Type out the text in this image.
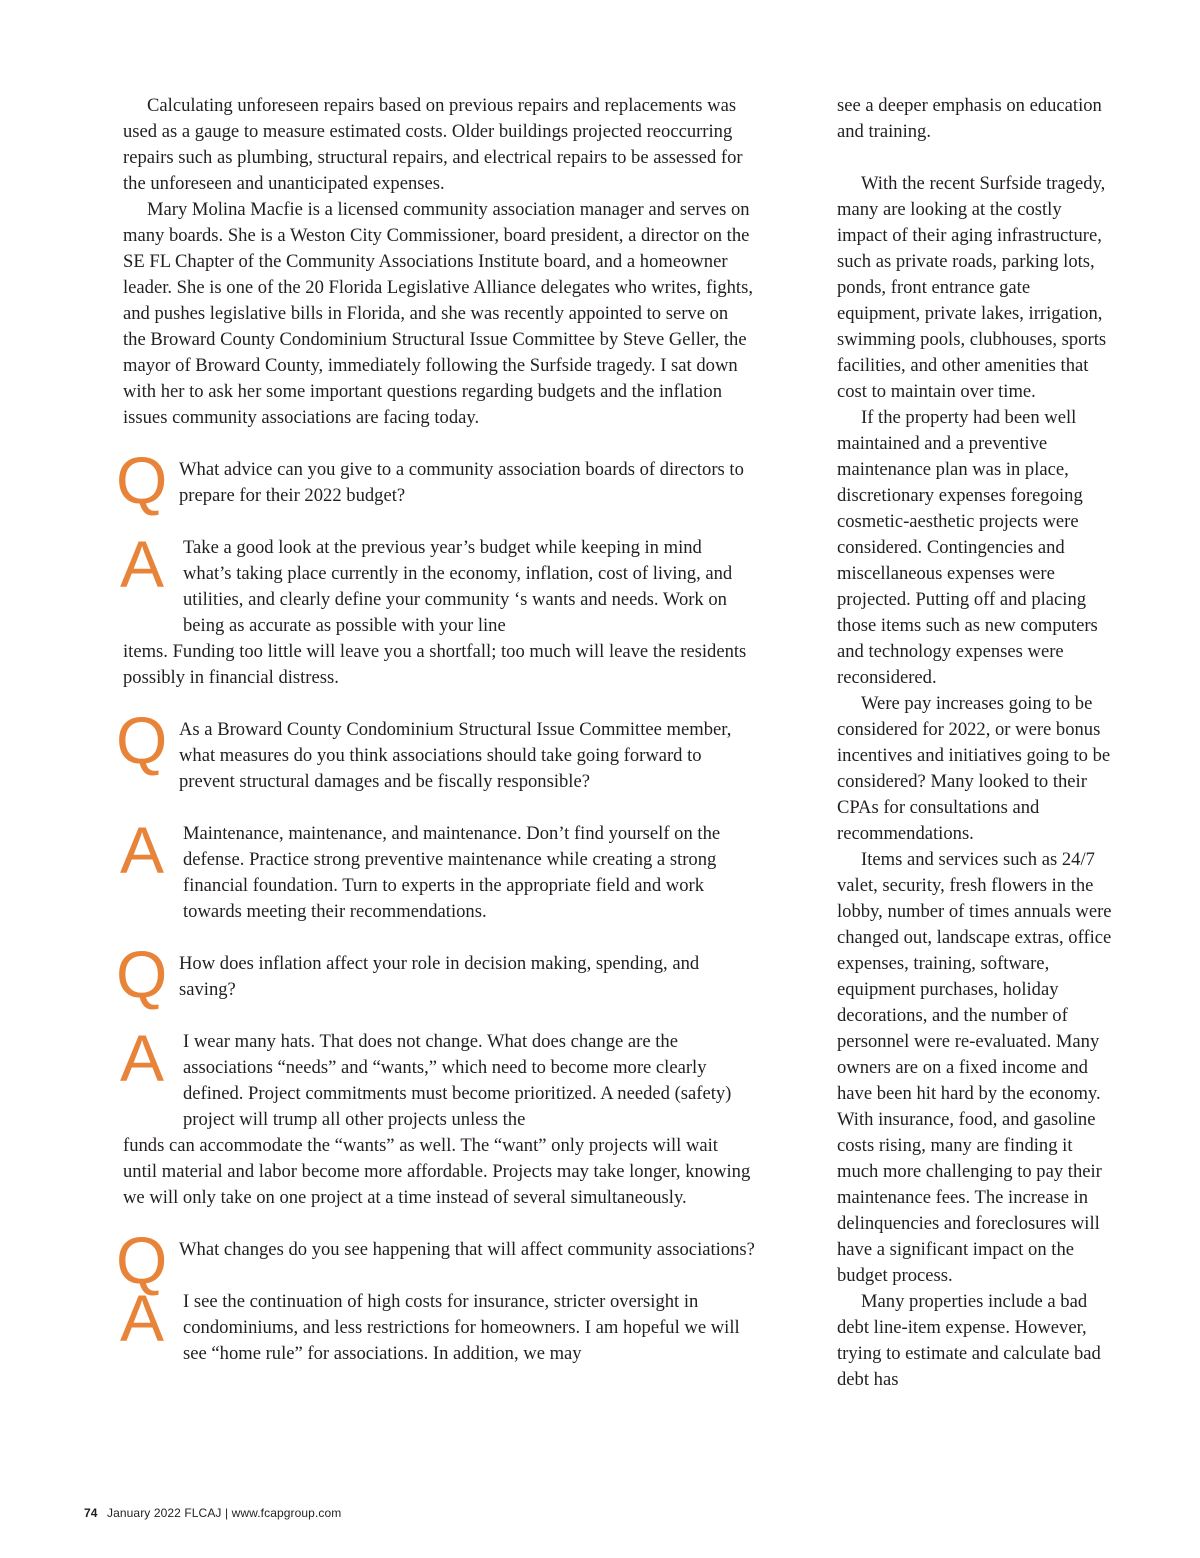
Calculating unforeseen repairs based on previous repairs and replacements was used as a gauge to measure estimated costs. Older buildings projected reoccurring repairs such as plumbing, structural repairs, and electrical repairs to be assessed for the unforeseen and unanticipated expenses.

Mary Molina Macfie is a licensed community association manager and serves on many boards. She is a Weston City Commissioner, board president, a director on the SE FL Chapter of the Community Associations Institute board, and a homeowner leader. She is one of the 20 Florida Legislative Alliance delegates who writes, fights, and pushes legislative bills in Florida, and she was recently appointed to serve on the Broward County Condominium Structural Issue Committee by Steve Geller, the mayor of Broward County, immediately following the Surfside tragedy. I sat down with her to ask her some important questions regarding budgets and the inflation issues community associations are facing today.

Q What advice can you give to a community association boards of directors to prepare for their 2022 budget?

A	Take a good look at the previous year’s budget while keeping in mind what’s taking place currently in the economy, inflation, cost of living, and utilities, and clearly define your community ‘s wants and needs. Work on being as accurate as possible with your line

items. Funding too little will leave you a shortfall; too much will leave the residents possibly in financial distress.

Q As a Broward County Condominium Structural Issue Committee member, what measures do you think associations should take going forward to prevent structural damages and be fiscally responsible?

A	Maintenance, maintenance, and maintenance. Don’t find yourself on the defense. Practice strong preventive maintenance while creating a strong financial foundation. Turn to experts in the appropriate field and work towards meeting their recommendations.

Q How does inflation affect your role in decision making, spending, and saving?

A	I wear many hats. That does not change. What does change are the associations “needs” and “wants,” which need to become more clearly defined. Project commitments must become prioritized. A needed (safety) project will trump all other projects unless the

funds can accommodate the “wants” as well. The “want” only projects will wait until material and labor become more affordable. Projects may take longer, knowing we will only take on one project at a time instead of several simultaneously.

Q What changes do you see happening that will affect community associations?

A	I see the continuation of high costs for insurance, stricter oversight in condominiums, and less restrictions for homeowners. I am hopeful we will see “home rule” for associations. In addition, we may

see a deeper emphasis on education and training.

With the recent Surfside tragedy, many are looking at the costly impact of their aging infrastructure, such as private roads, parking lots, ponds, front entrance gate equipment, private lakes, irrigation, swimming pools, clubhouses, sports facilities, and other amenities that cost to maintain over time.

If the property had been well maintained and a preventive maintenance plan was in place, discretionary expenses foregoing cosmetic-aesthetic projects were considered. Contingencies and miscellaneous expenses were projected. Putting off and placing those items such as new computers and technology expenses were reconsidered.

Were pay increases going to be considered for 2022, or were bonus incentives and initiatives going to be considered? Many looked to their CPAs for consultations and recommendations.

Items and services such as 24/7 valet, security, fresh flowers in the lobby, number of times annuals were changed out, landscape extras, office expenses, training, software, equipment purchases, holiday decorations, and the number of personnel were re-evaluated. Many owners are on a fixed income and have been hit hard by the economy. With insurance, food, and gasoline costs rising, many are finding it much more challenging to pay their maintenance fees. The increase in delinquencies and foreclosures will have a significant impact on the budget process.

Many properties include a bad debt line-item expense. However, trying to estimate and calculate bad debt has

74 January 2022 FLCAJ | www.fcapgroup.com
